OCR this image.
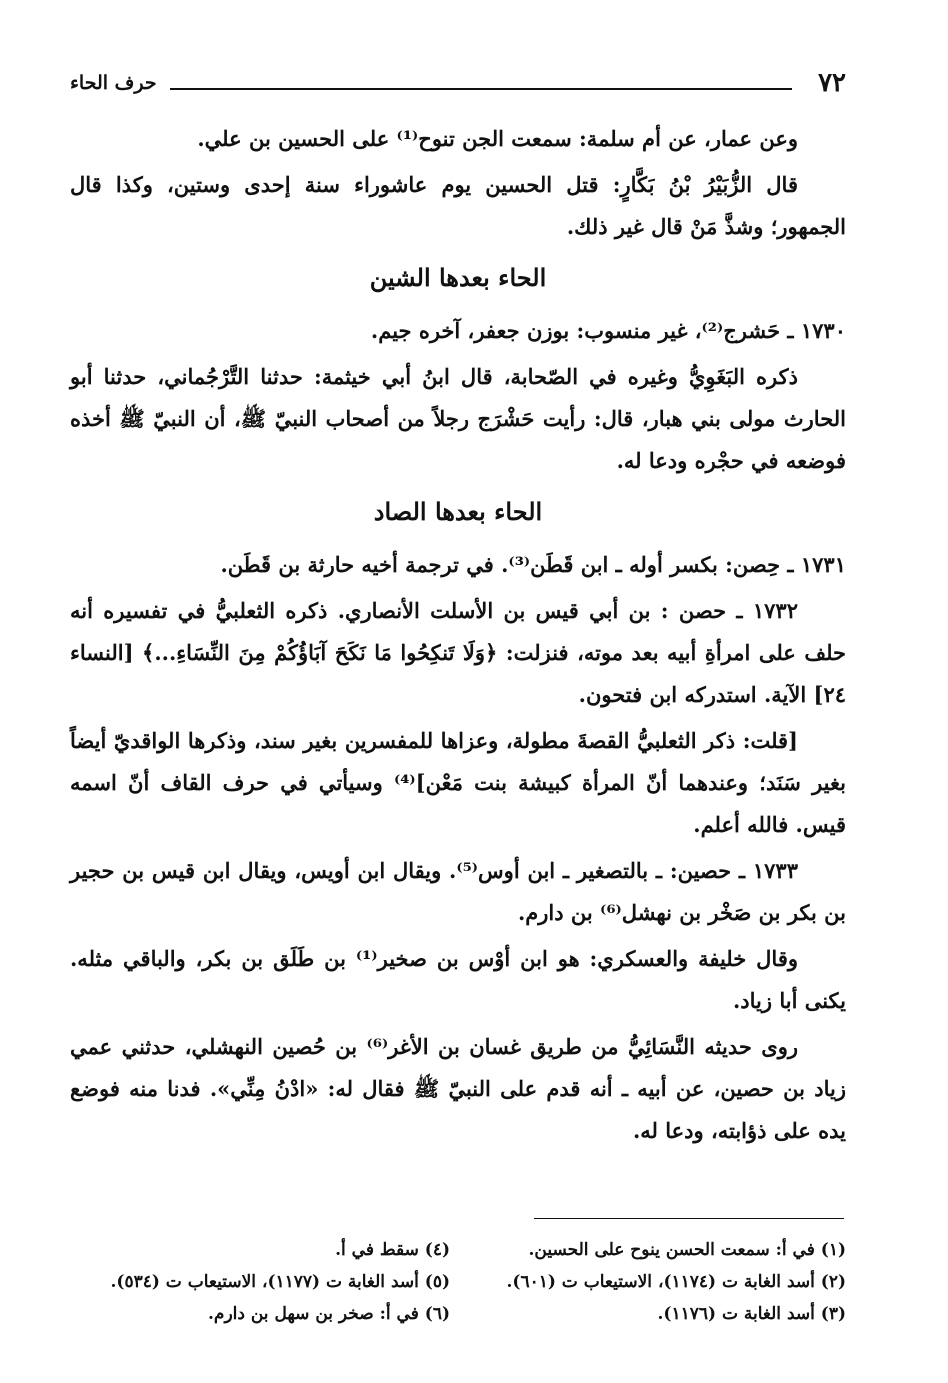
٧٢
حرف الحاء

وعن عمار، عن أم سلمة: سمعت الجن تنوح⁽¹⁾ على الحسين بن علي.

قال الزُّبَيْرُ بْنُ بَكَّارٍ: قتل الحسين يوم عاشوراء سنة إحدى وستين، وكذا قال الجمهور؛ وشذَّ مَنْ قال غير ذلك.

الحاء بعدها الشين

١٧٣٠ ـ حَشرج⁽²⁾، غير منسوب: بوزن جعفر، آخره جيم.

ذكره البَغَوِيُّ وغيره في الصّحابة، قال ابنُ أبي خيثمة: حدثنا التَّرْجُماني، حدثنا أبو الحارث مولى بني هبار، قال: رأيت حَشْرَج رجلاً من أصحاب النبيّ ﷺ، أن النبيّ ﷺ أخذه فوضعه في حجْره ودعا له.

الحاء بعدها الصاد

١٧٣١ ـ حِصن: بكسر أوله ـ ابن قَطَن⁽³⁾. في ترجمة أخيه حارثة بن قَطَن.

١٧٣٢ ـ حصن : بن أبي قيس بن الأسلت الأنصاري. ذكره الثعلبيُّ في تفسيره أنه حلف على امرأةِ أبيه بعد موته، فنزلت: ﴿وَلَا تَنكِحُوا مَا نَكَحَ آبَاؤُكُمْ مِنَ النِّسَاءِ...﴾ [النساء ٢٤] الآية. استدركه ابن فتحون.

[قلت: ذكر الثعلبيُّ القصةَ مطولة، وعزاها للمفسرين بغير سند، وذكرها الواقديّ أيضاً بغير سَنَد؛ وعندهما أنّ المرأة كبيشة بنت مَعْن]⁽⁴⁾ وسيأتي في حرف القاف أنّ اسمه قيس. فالله أعلم.

١٧٣٣ ـ حصين: ـ بالتصغير ـ ابن أوس⁽⁵⁾. ويقال ابن أويس، ويقال ابن قيس بن حجير بن بكر بن صَخْر بن نهشل⁽⁶⁾ بن دارم.

وقال خليفة والعسكري: هو ابن أوْس بن صخير⁽¹⁾ بن طَلَق بن بكر، والباقي مثله. يكنى أبا زياد.

روى حديثه النَّسَائِيُّ من طريق غسان بن الأغر⁽⁶⁾ بن حُصين النهشلي، حدثني عمي زياد بن حصين، عن أبيه ـ أنه قدم على النبيّ ﷺ فقال له: «ادْنُ مِنِّي». فدنا منه فوضع يده على ذؤابته، ودعا له.

(١) في أ: سمعت الحسن ينوح على الحسين.

(٢) أسد الغابة ت (١١٧٤)، الاستيعاب ت (٦٠١).

(٣) أسد الغابة ت (١١٧٦).

(٤) سقط في أ.

(٥) أسد الغابة ت (١١٧٧)، الاستيعاب ت (٥٣٤).

(٦) في أ: صخر بن سهل بن دارم.
